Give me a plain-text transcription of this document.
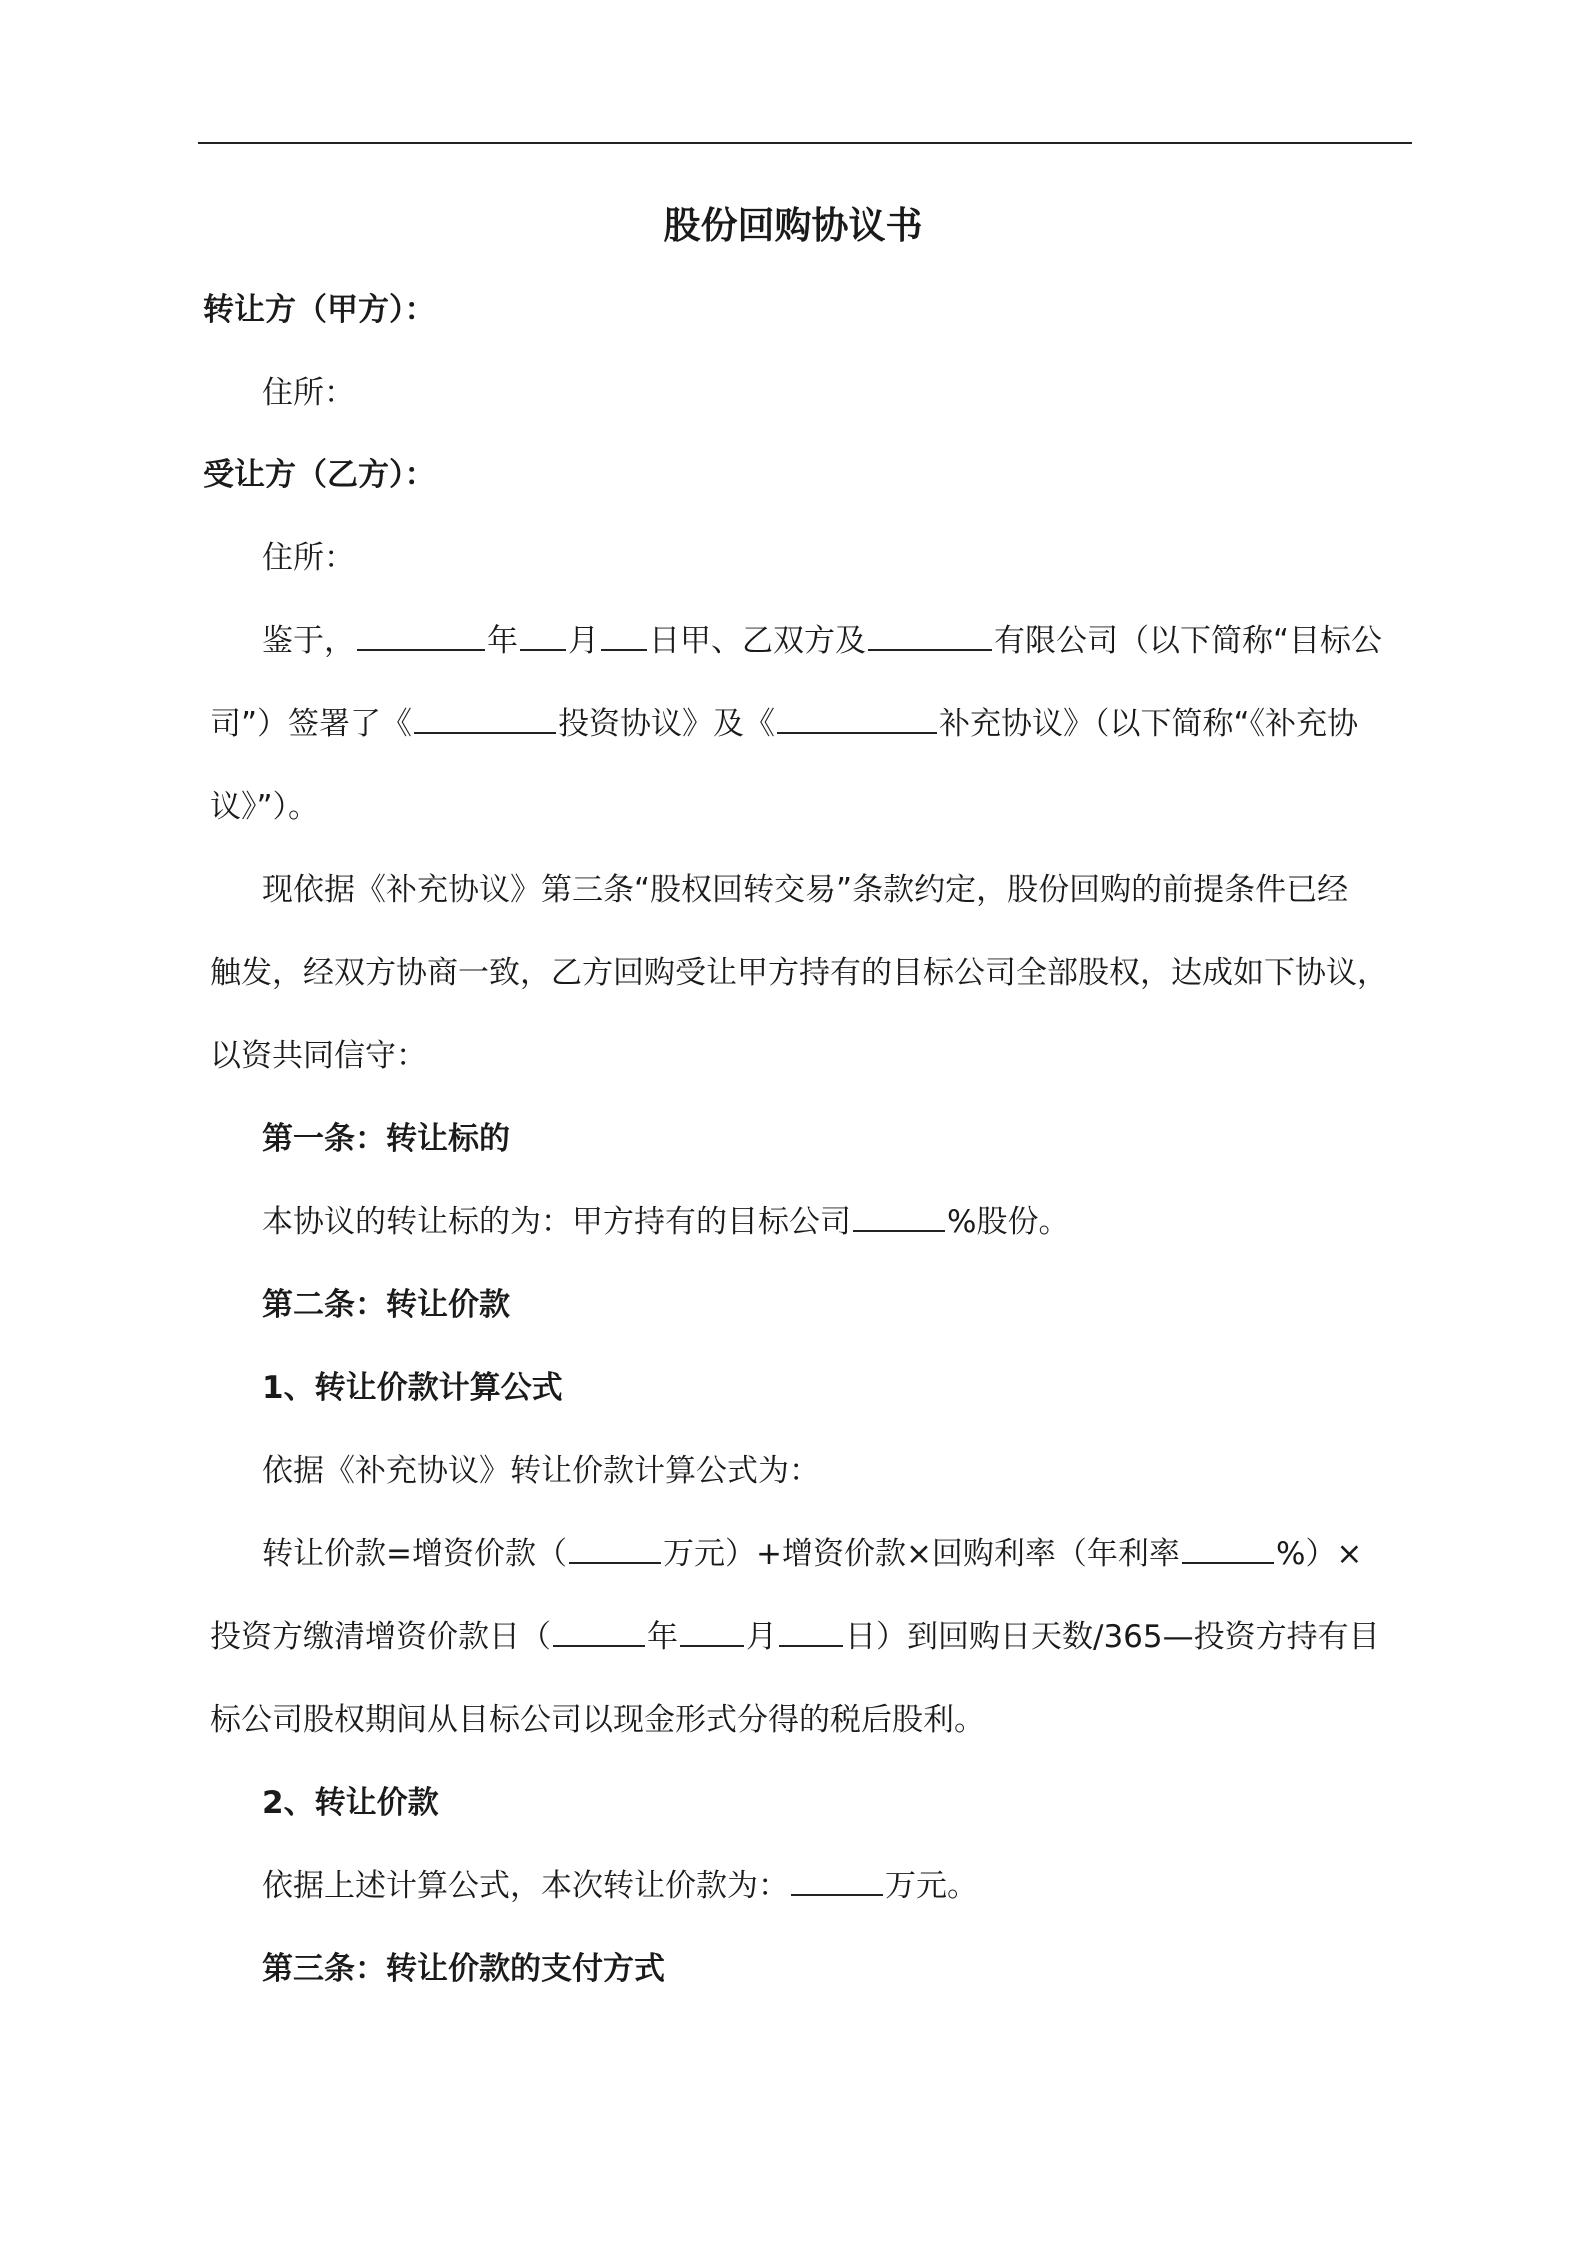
股份回购协议书
转让方（甲方）：
住所：
受让方（乙方）：
住所：
鉴于，	年 月 日甲、乙双方及	有限公司（以下简称“目标公
司”）签署了《	投资协议》及《	补充协议》（以下简称“《补充协
议》”）。
现依据《补充协议》第三条“股权回转交易”条款约定，股份回购的前提条件已经
触发，经双方协商一致，乙方回购受让甲方持有的目标公司全部股权，达成如下协议，
以资共同信守：
第一条：转让标的
本协议的转让标的为：甲方持有的目标公司	%股份。
第二条：转让价款
1、转让价款计算公式
依据《补充协议》转让价款计算公式为：
转让价款=增资价款（	万元）+增资价款×回购利率（年利率	%）×
投资方缴清增资价款日（	年 月 日）到回购日天数/365—投资方持有目
标公司股权期间从目标公司以现金形式分得的税后股利。
2、转让价款
依据上述计算公式，本次转让价款为：	万元。
第三条：转让价款的支付方式
